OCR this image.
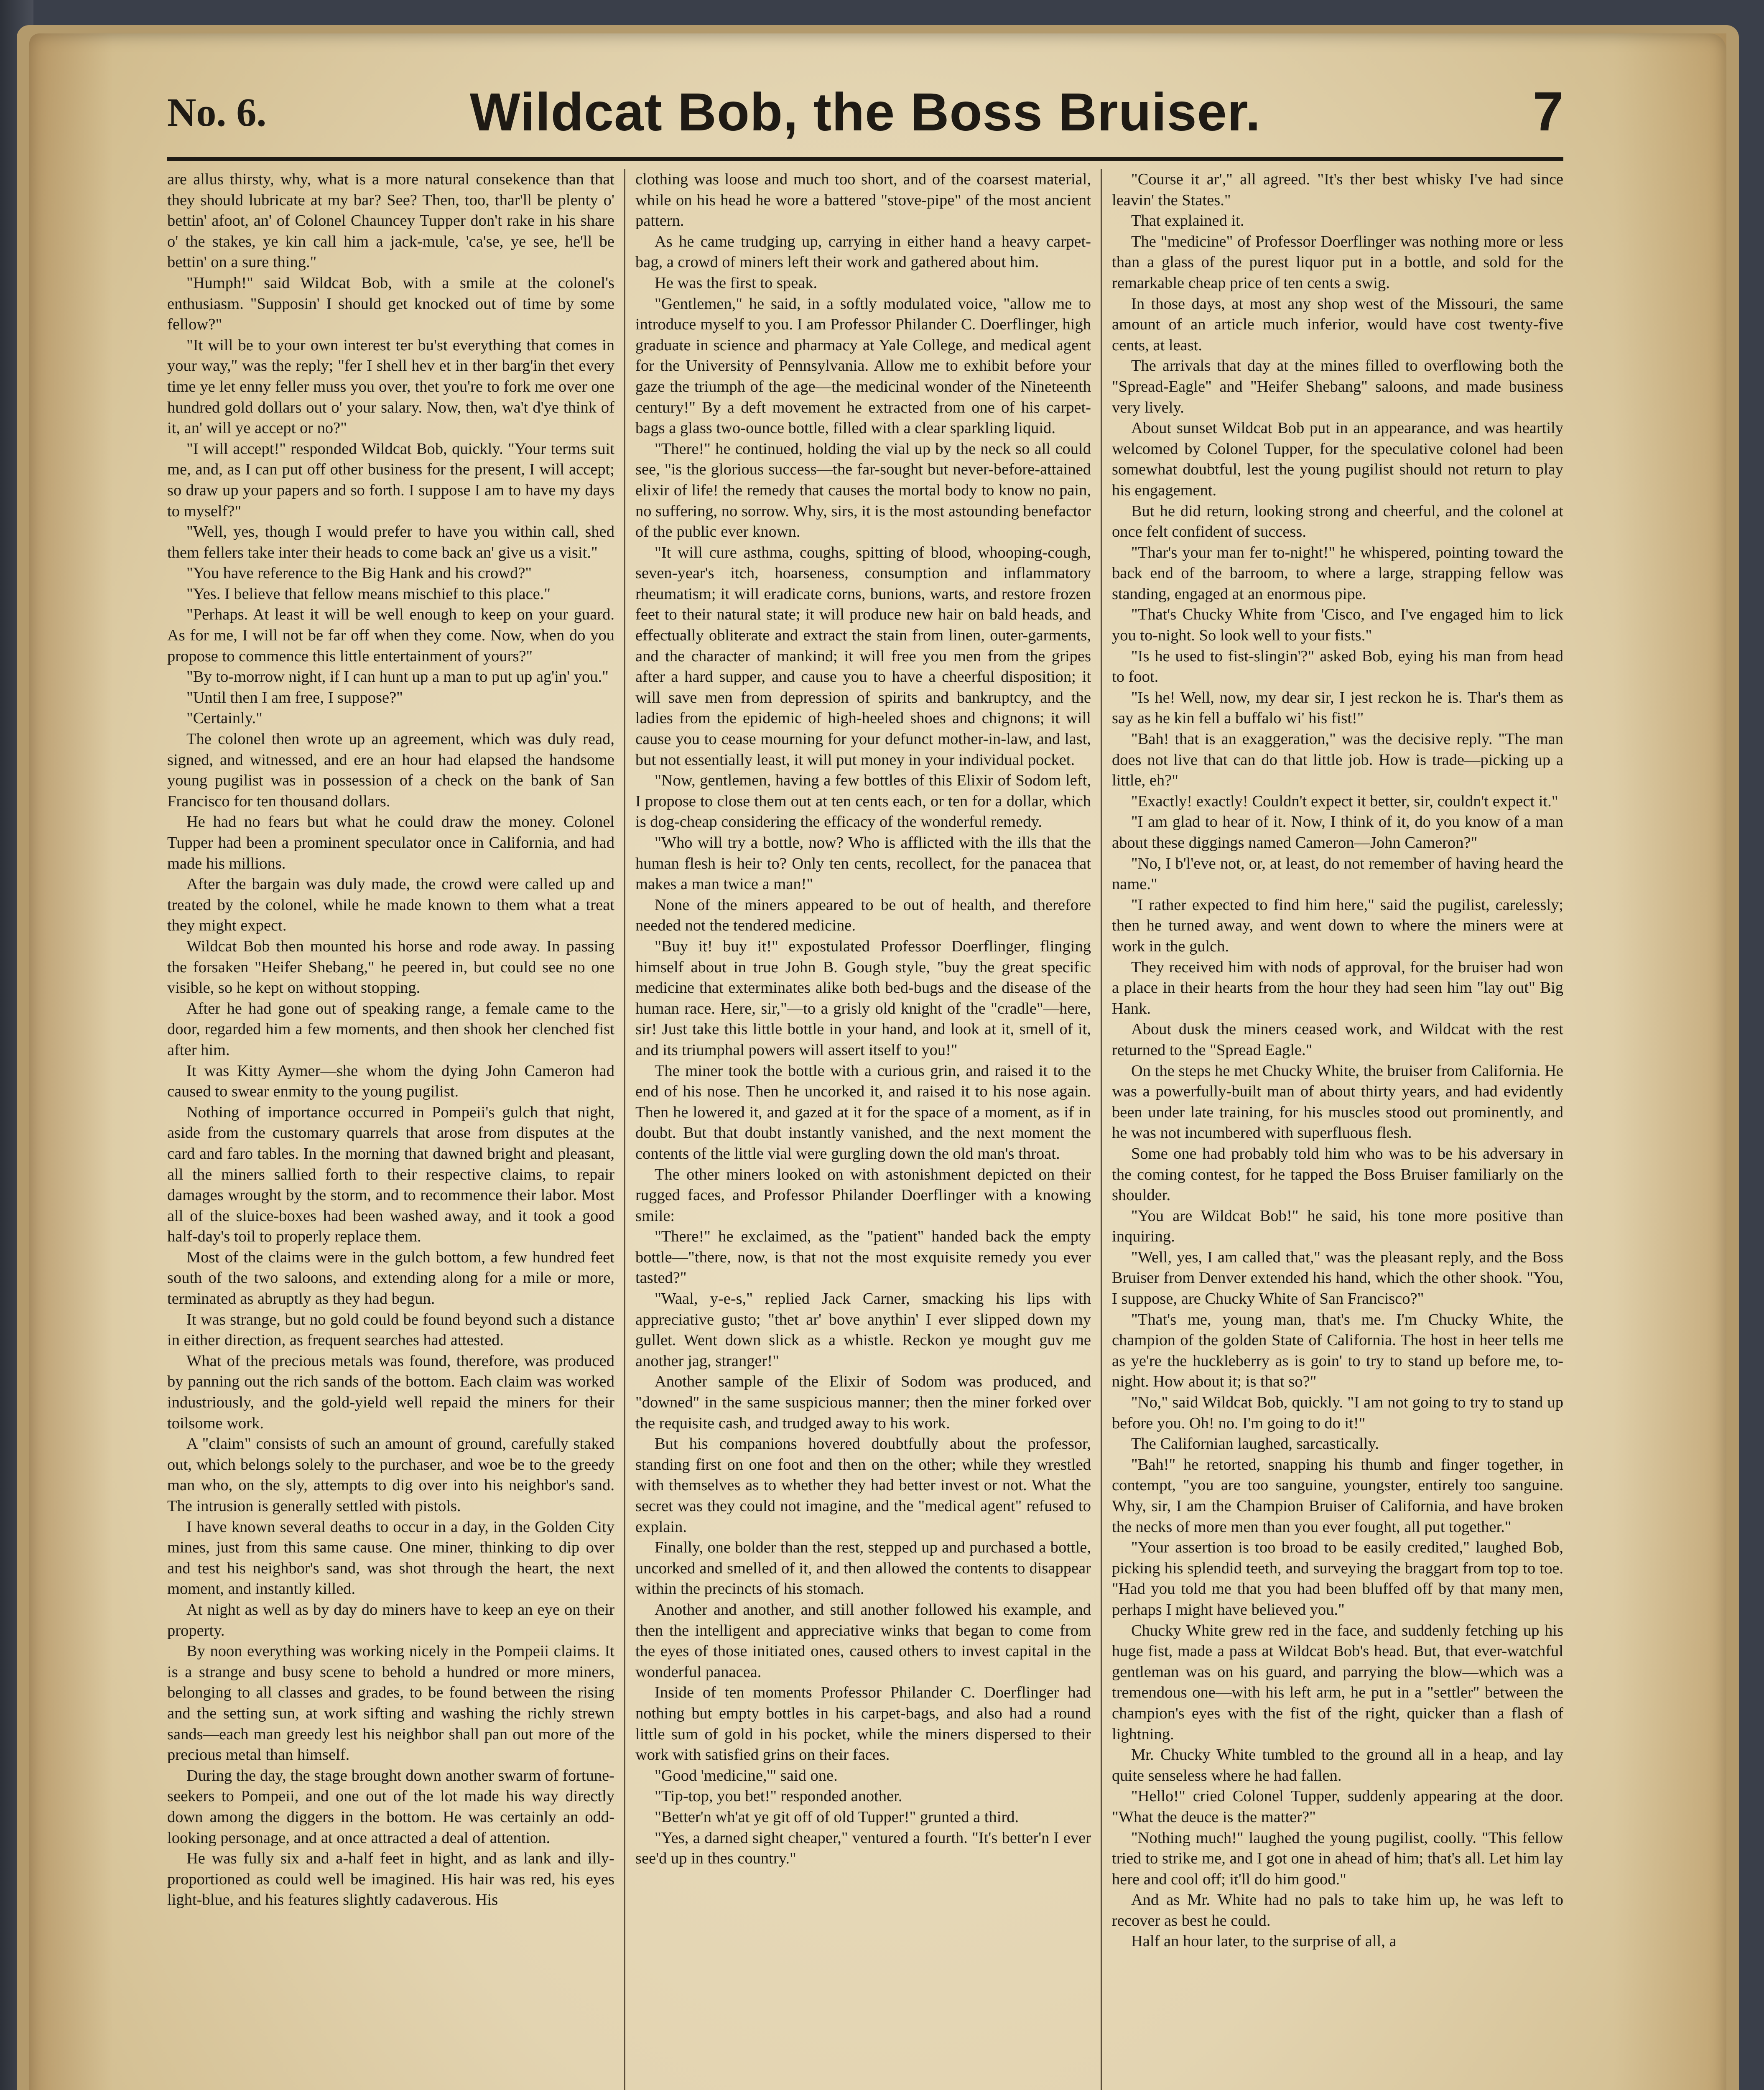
No. 6.	Wildcat Bob, the Boss Bruiser.	7

are allus thirsty, why, what is a more natural consekence than that they should lubricate at my bar? See? Then, too, thar'll be plenty o' bettin' afoot, an' of Colonel Chauncey Tupper don't rake in his share o' the stakes, ye kin call him a jack-mule, 'ca'se, ye see, he'll be bettin' on a sure thing."

"Humph!" said Wildcat Bob, with a smile at the colonel's enthusiasm. "Supposin' I should get knocked out of time by some fellow?"

"It will be to your own interest ter bu'st everything that comes in your way," was the reply; "fer I shell hev et in ther barg'in thet every time ye let enny feller muss you over, thet you're to fork me over one hundred gold dollars out o' your salary. Now, then, wa't d'ye think of it, an' will ye accept or no?"

"I will accept!" responded Wildcat Bob, quickly. "Your terms suit me, and, as I can put off other business for the present, I will accept; so draw up your papers and so forth. I suppose I am to have my days to myself?"

"Well, yes, though I would prefer to have you within call, shed them fellers take inter their heads to come back an' give us a visit."

"You have reference to the Big Hank and his crowd?"

"Yes. I believe that fellow means mischief to this place."

"Perhaps. At least it will be well enough to keep on your guard. As for me, I will not be far off when they come. Now, when do you propose to commence this little entertainment of yours?"

"By to-morrow night, if I can hunt up a man to put up ag'in' you."

"Until then I am free, I suppose?"

"Certainly."

The colonel then wrote up an agreement, which was duly read, signed, and witnessed, and ere an hour had elapsed the handsome young pugilist was in possession of a check on the bank of San Francisco for ten thousand dollars.

He had no fears but what he could draw the money. Colonel Tupper had been a prominent speculator once in California, and had made his millions.

After the bargain was duly made, the crowd were called up and treated by the colonel, while he made known to them what a treat they might expect.

Wildcat Bob then mounted his horse and rode away. In passing the forsaken "Heifer Shebang," he peered in, but could see no one visible, so he kept on without stopping.

After he had gone out of speaking range, a female came to the door, regarded him a few moments, and then shook her clenched fist after him.

It was Kitty Aymer—she whom the dying John Cameron had caused to swear enmity to the young pugilist.

Nothing of importance occurred in Pompeii's gulch that night, aside from the customary quarrels that arose from disputes at the card and faro tables. In the morning that dawned bright and pleasant, all the miners sallied forth to their respective claims, to repair damages wrought by the storm, and to recommence their labor. Most all of the sluice-boxes had been washed away, and it took a good half-day's toil to properly replace them.

Most of the claims were in the gulch bottom, a few hundred feet south of the two saloons, and extending along for a mile or more, terminated as abruptly as they had begun.

It was strange, but no gold could be found beyond such a distance in either direction, as frequent searches had attested.

What of the precious metals was found, therefore, was produced by panning out the rich sands of the bottom. Each claim was worked industriously, and the gold-yield well repaid the miners for their toilsome work.

A "claim" consists of such an amount of ground, carefully staked out, which belongs solely to the purchaser, and woe be to the greedy man who, on the sly, attempts to dig over into his neighbor's sand. The intrusion is generally settled with pistols.

I have known several deaths to occur in a day, in the Golden City mines, just from this same cause. One miner, thinking to dip over and test his neighbor's sand, was shot through the heart, the next moment, and instantly killed.

At night as well as by day do miners have to keep an eye on their property.

By noon everything was working nicely in the Pompeii claims. It is a strange and busy scene to behold a hundred or more miners, belonging to all classes and grades, to be found between the rising and the setting sun, at work sifting and washing the richly strewn sands—each man greedy lest his neighbor shall pan out more of the precious metal than himself.

During the day, the stage brought down another swarm of fortune-seekers to Pompeii, and one out of the lot made his way directly down among the diggers in the bottom. He was certainly an odd-looking personage, and at once attracted a deal of attention.

He was fully six and a-half feet in hight, and as lank and illy-proportioned as could well be imagined. His hair was red, his eyes light-blue, and his features slightly cadaverous. His

clothing was loose and much too short, and of the coarsest material, while on his head he wore a battered "stove-pipe" of the most ancient pattern.

As he came trudging up, carrying in either hand a heavy carpet-bag, a crowd of miners left their work and gathered about him.

He was the first to speak.

"Gentlemen," he said, in a softly modulated voice, "allow me to introduce myself to you. I am Professor Philander C. Doerflinger, high graduate in science and pharmacy at Yale College, and medical agent for the University of Pennsylvania. Allow me to exhibit before your gaze the triumph of the age—the medicinal wonder of the Nineteenth century!" By a deft movement he extracted from one of his carpet-bags a glass two-ounce bottle, filled with a clear sparkling liquid.

"There!" he continued, holding the vial up by the neck so all could see, "is the glorious success—the far-sought but never-before-attained elixir of life! the remedy that causes the mortal body to know no pain, no suffering, no sorrow. Why, sirs, it is the most astounding benefactor of the public ever known.

"It will cure asthma, coughs, spitting of blood, whooping-cough, seven-year's itch, hoarseness, consumption and inflammatory rheumatism; it will eradicate corns, bunions, warts, and restore frozen feet to their natural state; it will produce new hair on bald heads, and effectually obliterate and extract the stain from linen, outer-garments, and the character of mankind; it will free you men from the gripes after a hard supper, and cause you to have a cheerful disposition; it will save men from depression of spirits and bankruptcy, and the ladies from the epidemic of high-heeled shoes and chignons; it will cause you to cease mourning for your defunct mother-in-law, and last, but not essentially least, it will put money in your individual pocket.

"Now, gentlemen, having a few bottles of this Elixir of Sodom left, I propose to close them out at ten cents each, or ten for a dollar, which is dog-cheap considering the efficacy of the wonderful remedy.

"Who will try a bottle, now? Who is afflicted with the ills that the human flesh is heir to? Only ten cents, recollect, for the panacea that makes a man twice a man!"

None of the miners appeared to be out of health, and therefore needed not the tendered medicine.

"Buy it! buy it!" expostulated Professor Doerflinger, flinging himself about in true John B. Gough style, "buy the great specific medicine that exterminates alike both bed-bugs and the disease of the human race. Here, sir,"—to a grisly old knight of the "cradle"—here, sir! Just take this little bottle in your hand, and look at it, smell of it, and its triumphal powers will assert itself to you!"

The miner took the bottle with a curious grin, and raised it to the end of his nose. Then he uncorked it, and raised it to his nose again. Then he lowered it, and gazed at it for the space of a moment, as if in doubt. But that doubt instantly vanished, and the next moment the contents of the little vial were gurgling down the old man's throat.

The other miners looked on with astonishment depicted on their rugged faces, and Professor Philander Doerflinger with a knowing smile:

"There!" he exclaimed, as the "patient" handed back the empty bottle—"there, now, is that not the most exquisite remedy you ever tasted?"

"Waal, y-e-s," replied Jack Carner, smacking his lips with appreciative gusto; "thet ar' bove anythin' I ever slipped down my gullet. Went down slick as a whistle. Reckon ye mought guv me another jag, stranger!"

Another sample of the Elixir of Sodom was produced, and "downed" in the same suspicious manner; then the miner forked over the requisite cash, and trudged away to his work.

But his companions hovered doubtfully about the professor, standing first on one foot and then on the other; while they wrestled with themselves as to whether they had better invest or not. What the secret was they could not imagine, and the "medical agent" refused to explain.

Finally, one bolder than the rest, stepped up and purchased a bottle, uncorked and smelled of it, and then allowed the contents to disappear within the precincts of his stomach.

Another and another, and still another followed his example, and then the intelligent and appreciative winks that began to come from the eyes of those initiated ones, caused others to invest capital in the wonderful panacea.

Inside of ten moments Professor Philander C. Doerflinger had nothing but empty bottles in his carpet-bags, and also had a round little sum of gold in his pocket, while the miners dispersed to their work with satisfied grins on their faces.

"Good 'medicine,'" said one.

"Tip-top, you bet!" responded another.

"Better'n wh'at ye git off of old Tupper!" grunted a third.

"Yes, a darned sight cheaper," ventured a fourth. "It's better'n I ever see'd up in thes country."

"Course it ar'," all agreed. "It's ther best whisky I've had since leavin' the States."

That explained it.

The "medicine" of Professor Doerflinger was nothing more or less than a glass of the purest liquor put in a bottle, and sold for the remarkable cheap price of ten cents a swig.

In those days, at most any shop west of the Missouri, the same amount of an article much inferior, would have cost twenty-five cents, at least.

The arrivals that day at the mines filled to overflowing both the "Spread-Eagle" and "Heifer Shebang" saloons, and made business very lively.

About sunset Wildcat Bob put in an appearance, and was heartily welcomed by Colonel Tupper, for the speculative colonel had been somewhat doubtful, lest the young pugilist should not return to play his engagement.

But he did return, looking strong and cheerful, and the colonel at once felt confident of success.

"Thar's your man fer to-night!" he whispered, pointing toward the back end of the barroom, to where a large, strapping fellow was standing, engaged at an enormous pipe.

"That's Chucky White from 'Cisco, and I've engaged him to lick you to-night. So look well to your fists."

"Is he used to fist-slingin'?" asked Bob, eying his man from head to foot.

"Is he! Well, now, my dear sir, I jest reckon he is. Thar's them as say as he kin fell a buffalo wi' his fist!"

"Bah! that is an exaggeration," was the decisive reply. "The man does not live that can do that little job. How is trade—picking up a little, eh?"

"Exactly! exactly! Couldn't expect it better, sir, couldn't expect it."

"I am glad to hear of it. Now, I think of it, do you know of a man about these diggings named Cameron—John Cameron?"

"No, I b'l'eve not, or, at least, do not remember of having heard the name."

"I rather expected to find him here," said the pugilist, carelessly; then he turned away, and went down to where the miners were at work in the gulch.

They received him with nods of approval, for the bruiser had won a place in their hearts from the hour they had seen him "lay out" Big Hank.

About dusk the miners ceased work, and Wildcat with the rest returned to the "Spread Eagle."

On the steps he met Chucky White, the bruiser from California. He was a powerfully-built man of about thirty years, and had evidently been under late training, for his muscles stood out prominently, and he was not incumbered with superfluous flesh.

Some one had probably told him who was to be his adversary in the coming contest, for he tapped the Boss Bruiser familiarly on the shoulder.

"You are Wildcat Bob!" he said, his tone more positive than inquiring.

"Well, yes, I am called that," was the pleasant reply, and the Boss Bruiser from Denver extended his hand, which the other shook. "You, I suppose, are Chucky White of San Francisco?"

"That's me, young man, that's me. I'm Chucky White, the champion of the golden State of California. The host in heer tells me as ye're the huckleberry as is goin' to try to stand up before me, to-night. How about it; is that so?"

"No," said Wildcat Bob, quickly. "I am not going to try to stand up before you. Oh! no. I'm going to do it!"

The Californian laughed, sarcastically.

"Bah!" he retorted, snapping his thumb and finger together, in contempt, "you are too sanguine, youngster, entirely too sanguine. Why, sir, I am the Champion Bruiser of California, and have broken the necks of more men than you ever fought, all put together."

"Your assertion is too broad to be easily credited," laughed Bob, picking his splendid teeth, and surveying the braggart from top to toe. "Had you told me that you had been bluffed off by that many men, perhaps I might have believed you."

Chucky White grew red in the face, and suddenly fetching up his huge fist, made a pass at Wildcat Bob's head. But, that ever-watchful gentleman was on his guard, and parrying the blow—which was a tremendous one—with his left arm, he put in a "settler" between the champion's eyes with the fist of the right, quicker than a flash of lightning.

Mr. Chucky White tumbled to the ground all in a heap, and lay quite senseless where he had fallen.

"Hello!" cried Colonel Tupper, suddenly appearing at the door. "What the deuce is the matter?"

"Nothing much!" laughed the young pugilist, coolly. "This fellow tried to strike me, and I got one in ahead of him; that's all. Let him lay here and cool off; it'll do him good."

And as Mr. White had no pals to take him up, he was left to recover as best he could.

Half an hour later, to the surprise of all, a
